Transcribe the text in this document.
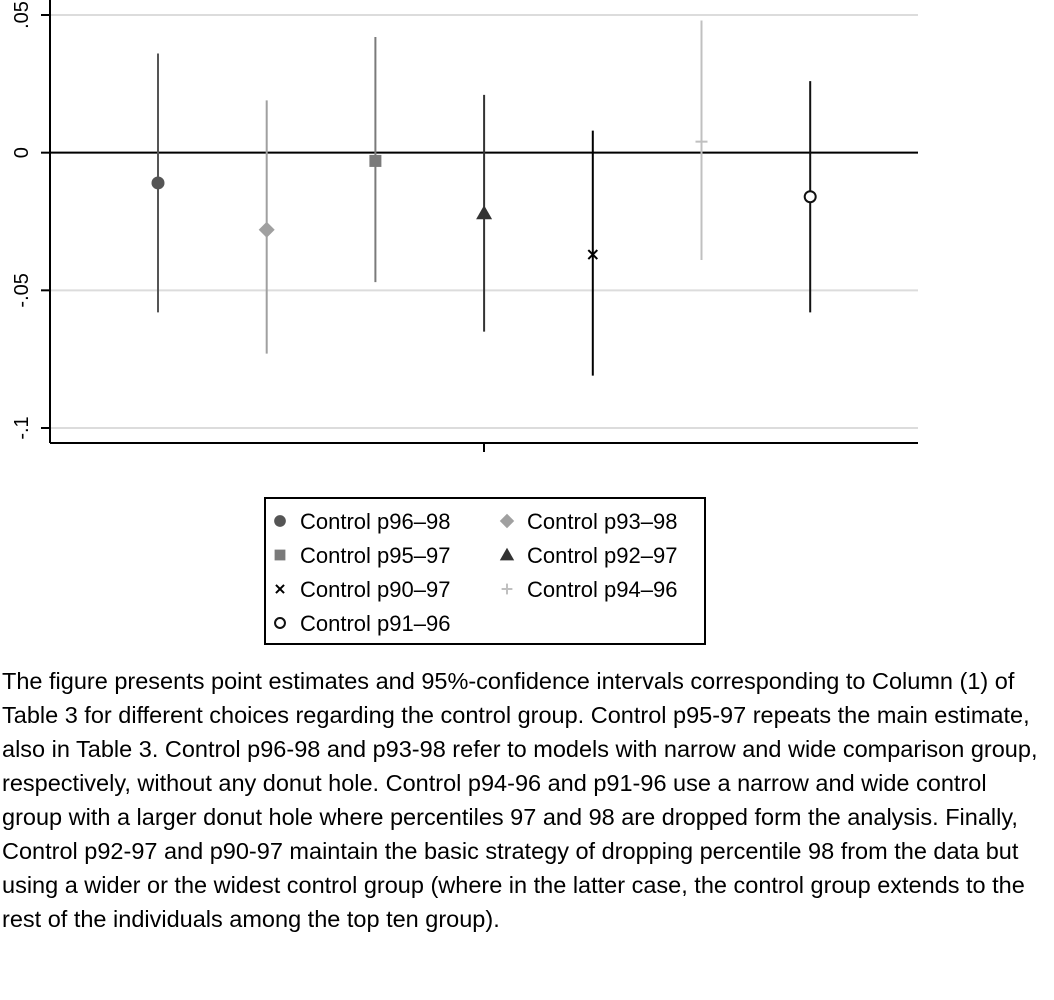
-.1
-.05
0
.05
Control p96–98	Control p93–98
Control p95–97	Control p92–97
Control p90–97	Control p94–96
Control p91–96

The figure presents point estimates and 95%-confidence intervals corresponding to Column (1) of Table 3 for different choices regarding the control group. Control p95-97 repeats the main estimate, also in Table 3. Control p96-98 and p93-98 refer to models with narrow and wide comparison group, respectively, without any donut hole. Control p94-96 and p91-96 use a narrow and wide control group with a larger donut hole where percentiles 97 and 98 are dropped form the analysis. Finally, Control p92-97 and p90-97 maintain the basic strategy of dropping percentile 98 from the data but using a wider or the widest control group (where in the latter case, the control group extends to the rest of the individuals among the top ten group).
